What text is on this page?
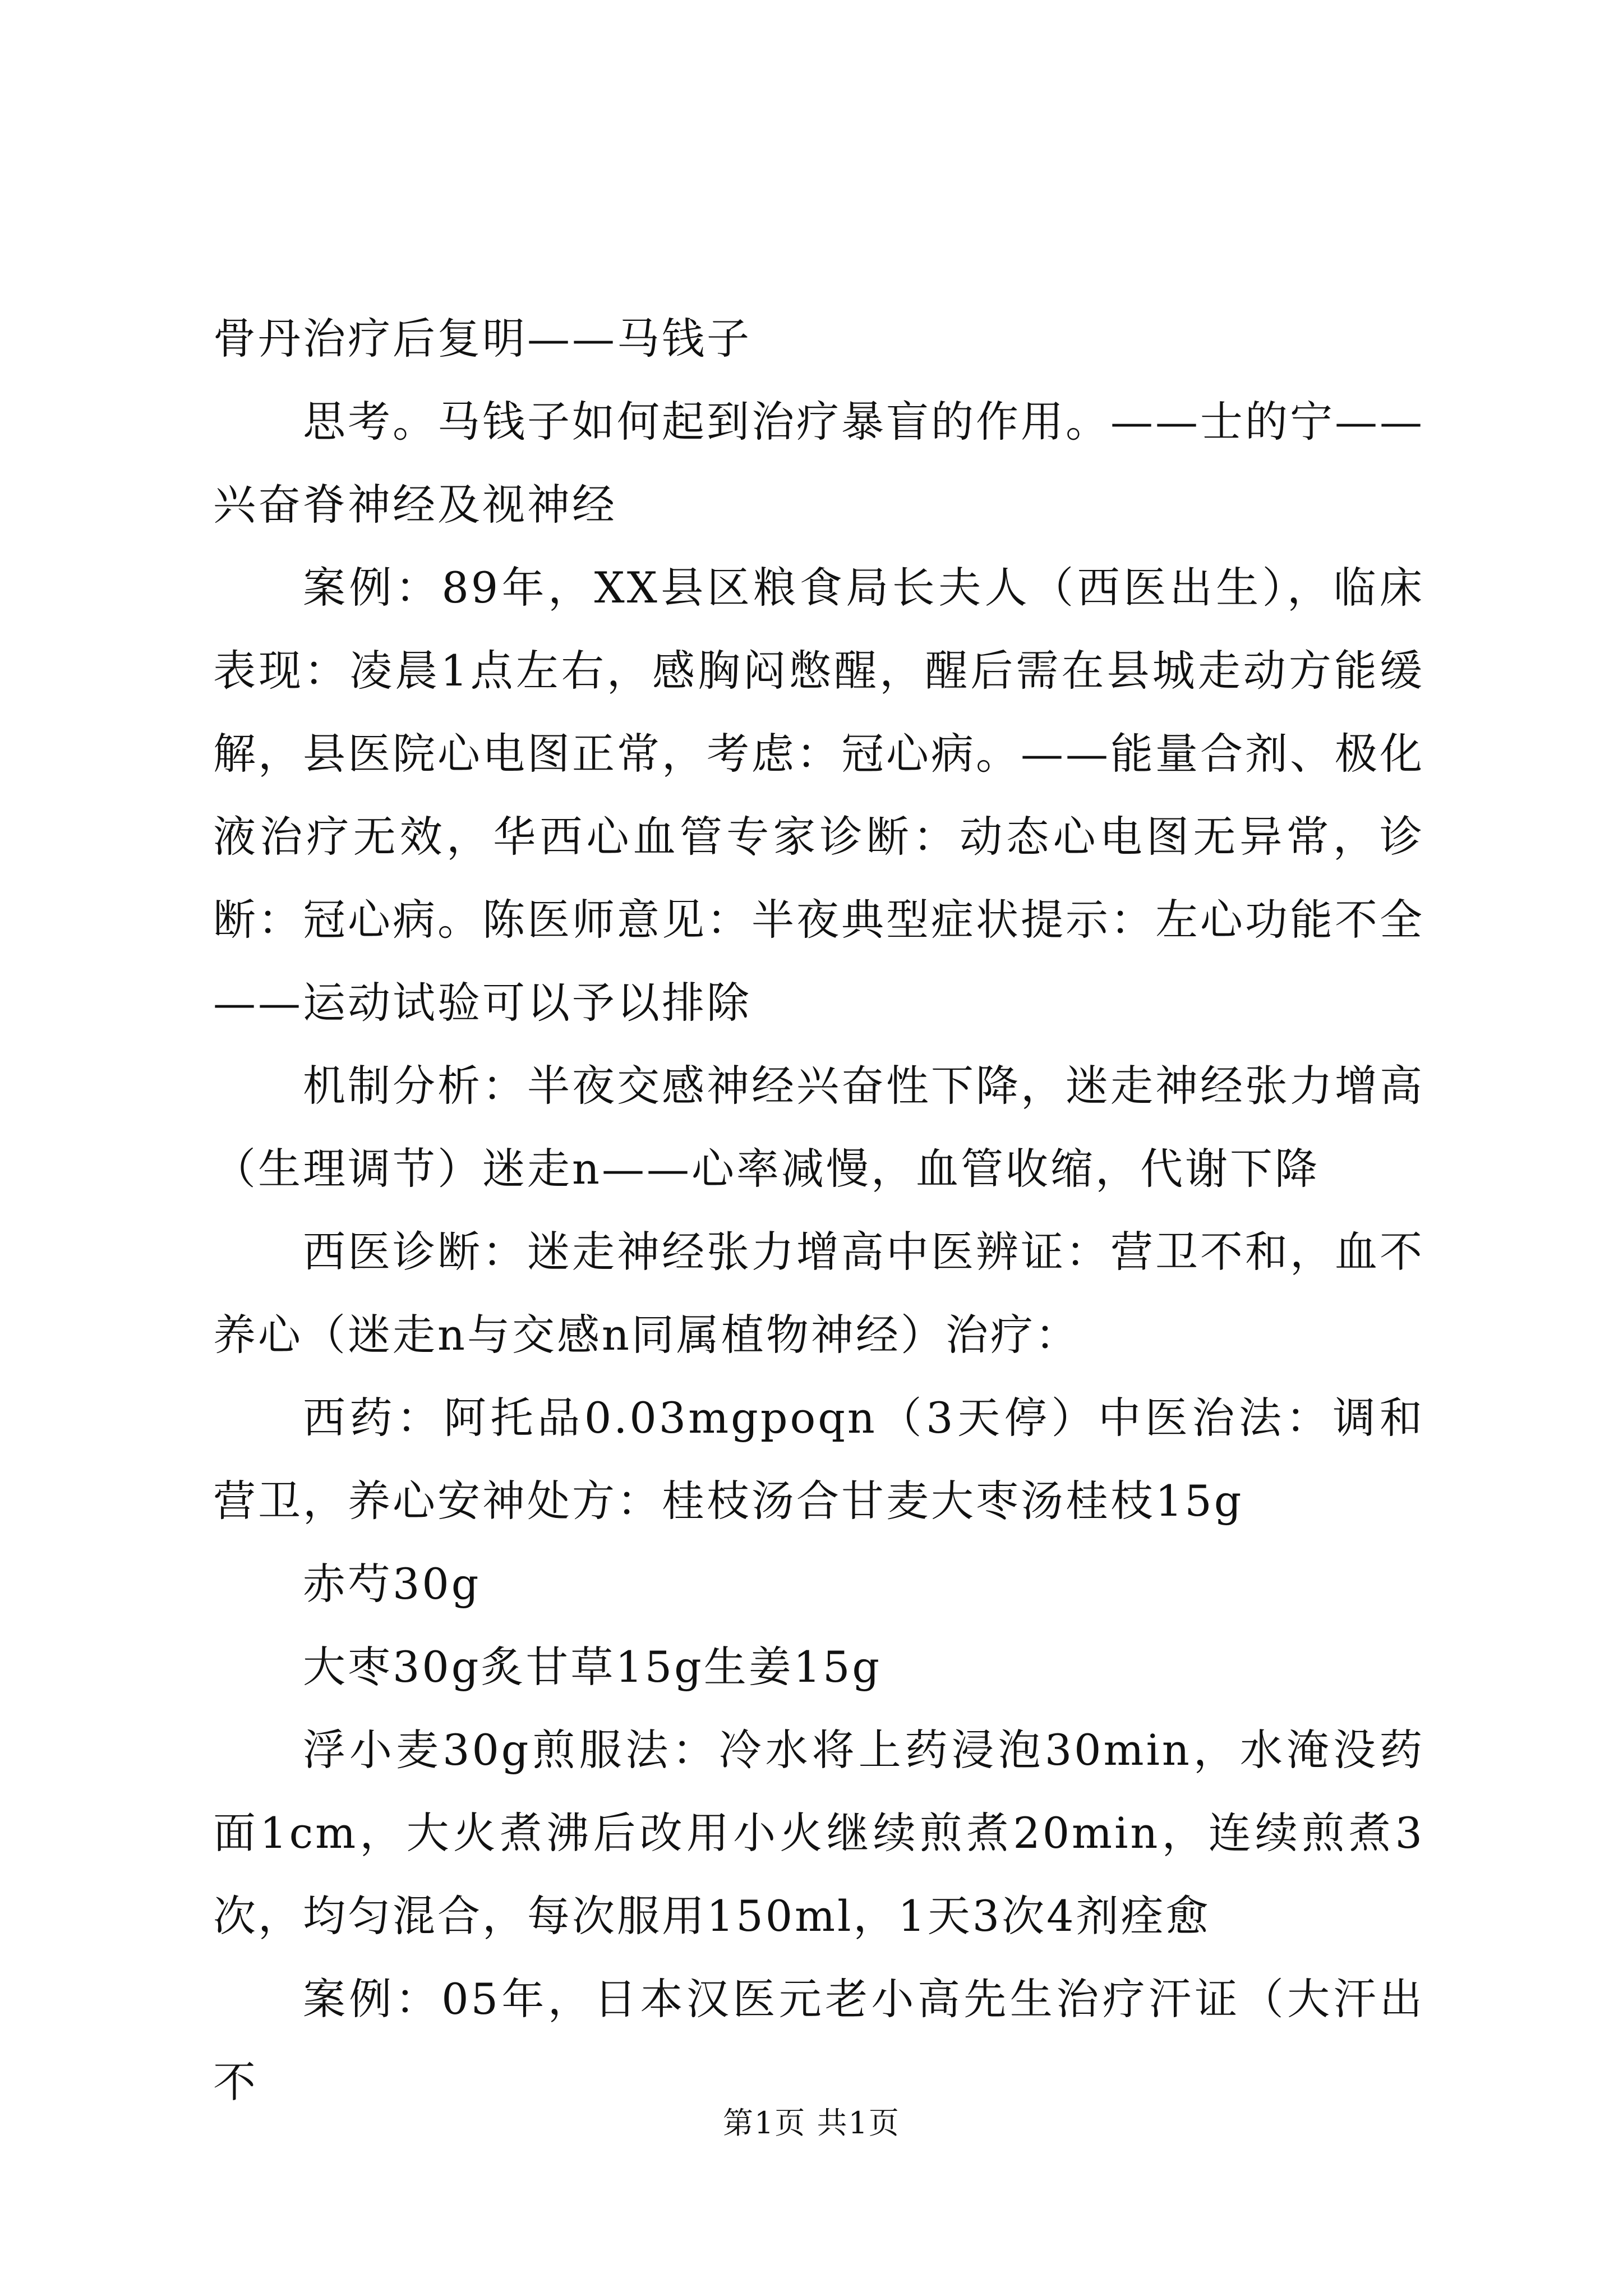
骨丹治疗后复明——马钱子

思考。马钱子如何起到治疗暴盲的作用。——士的宁——兴奋脊神经及视神经

案例：89年，XX县区粮食局长夫人（西医出生），临床表现：凌晨1点左右，感胸闷憋醒，醒后需在县城走动方能缓解，县医院心电图正常，考虑：冠心病。——能量合剂、极化液治疗无效，华西心血管专家诊断：动态心电图无异常，诊断：冠心病。陈医师意见：半夜典型症状提示：左心功能不全——运动试验可以予以排除

机制分析：半夜交感神经兴奋性下降，迷走神经张力增高（生理调节）迷走n——心率减慢，血管收缩，代谢下降

西医诊断：迷走神经张力增高中医辨证：营卫不和，血不养心（迷走n与交感n同属植物神经）治疗：

西药：阿托品0.03mgpoqn（3天停）中医治法：调和营卫，养心安神处方：桂枝汤合甘麦大枣汤桂枝15g

赤芍30g

大枣30g炙甘草15g生姜15g

浮小麦30g煎服法：冷水将上药浸泡30min，水淹没药面1cm，大火煮沸后改用小火继续煎煮20min，连续煎煮3次，均匀混合，每次服用150ml，1天3次4剂痊愈

案例：05年，日本汉医元老小高先生治疗汗证（大汗出不

第1页 共1页
